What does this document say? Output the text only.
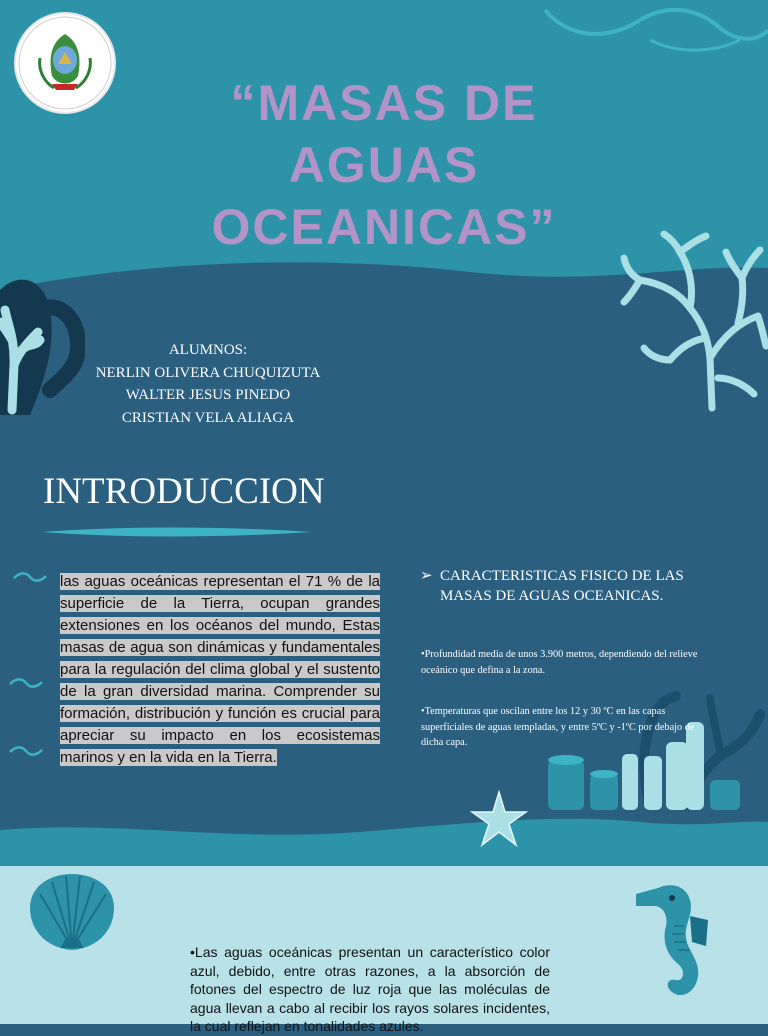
“MASAS DE
AGUAS
OCEANICAS”
ALUMNOS:
NERLIN OLIVERA CHUQUIZUTA
WALTER JESUS PINEDO
CRISTIAN VELA ALIAGA
INTRODUCCION
las aguas oceánicas representan el 71 % de la superficie de la Tierra, ocupan grandes extensiones en los océanos del mundo, Estas masas de agua son dinámicas y fundamentales para la regulación del clima global y el sustento de la gran diversidad marina. Comprender su formación, distribución y función es crucial para apreciar su impacto en los ecosistemas marinos y en la vida en la Tierra.
➢ CARACTERISTICAS FISICO DE LAS MASAS DE AGUAS OCEANICAS.
•Profundidad media de unos 3.900 metros, dependiendo del relieve oceánico que defina a la zona.
•Temperaturas que oscilan entre los 12 y 30 ºC en las capas superficiales de aguas templadas, y entre 5ºC y -1ºC por debajo de dicha capa.
•Las aguas oceánicas presentan un característico color azul, debido, entre otras razones, a la absorción de fotones del espectro de luz roja que las moléculas de agua llevan a cabo al recibir los rayos solares incidentes, la cual reflejan en tonalidades azules.
